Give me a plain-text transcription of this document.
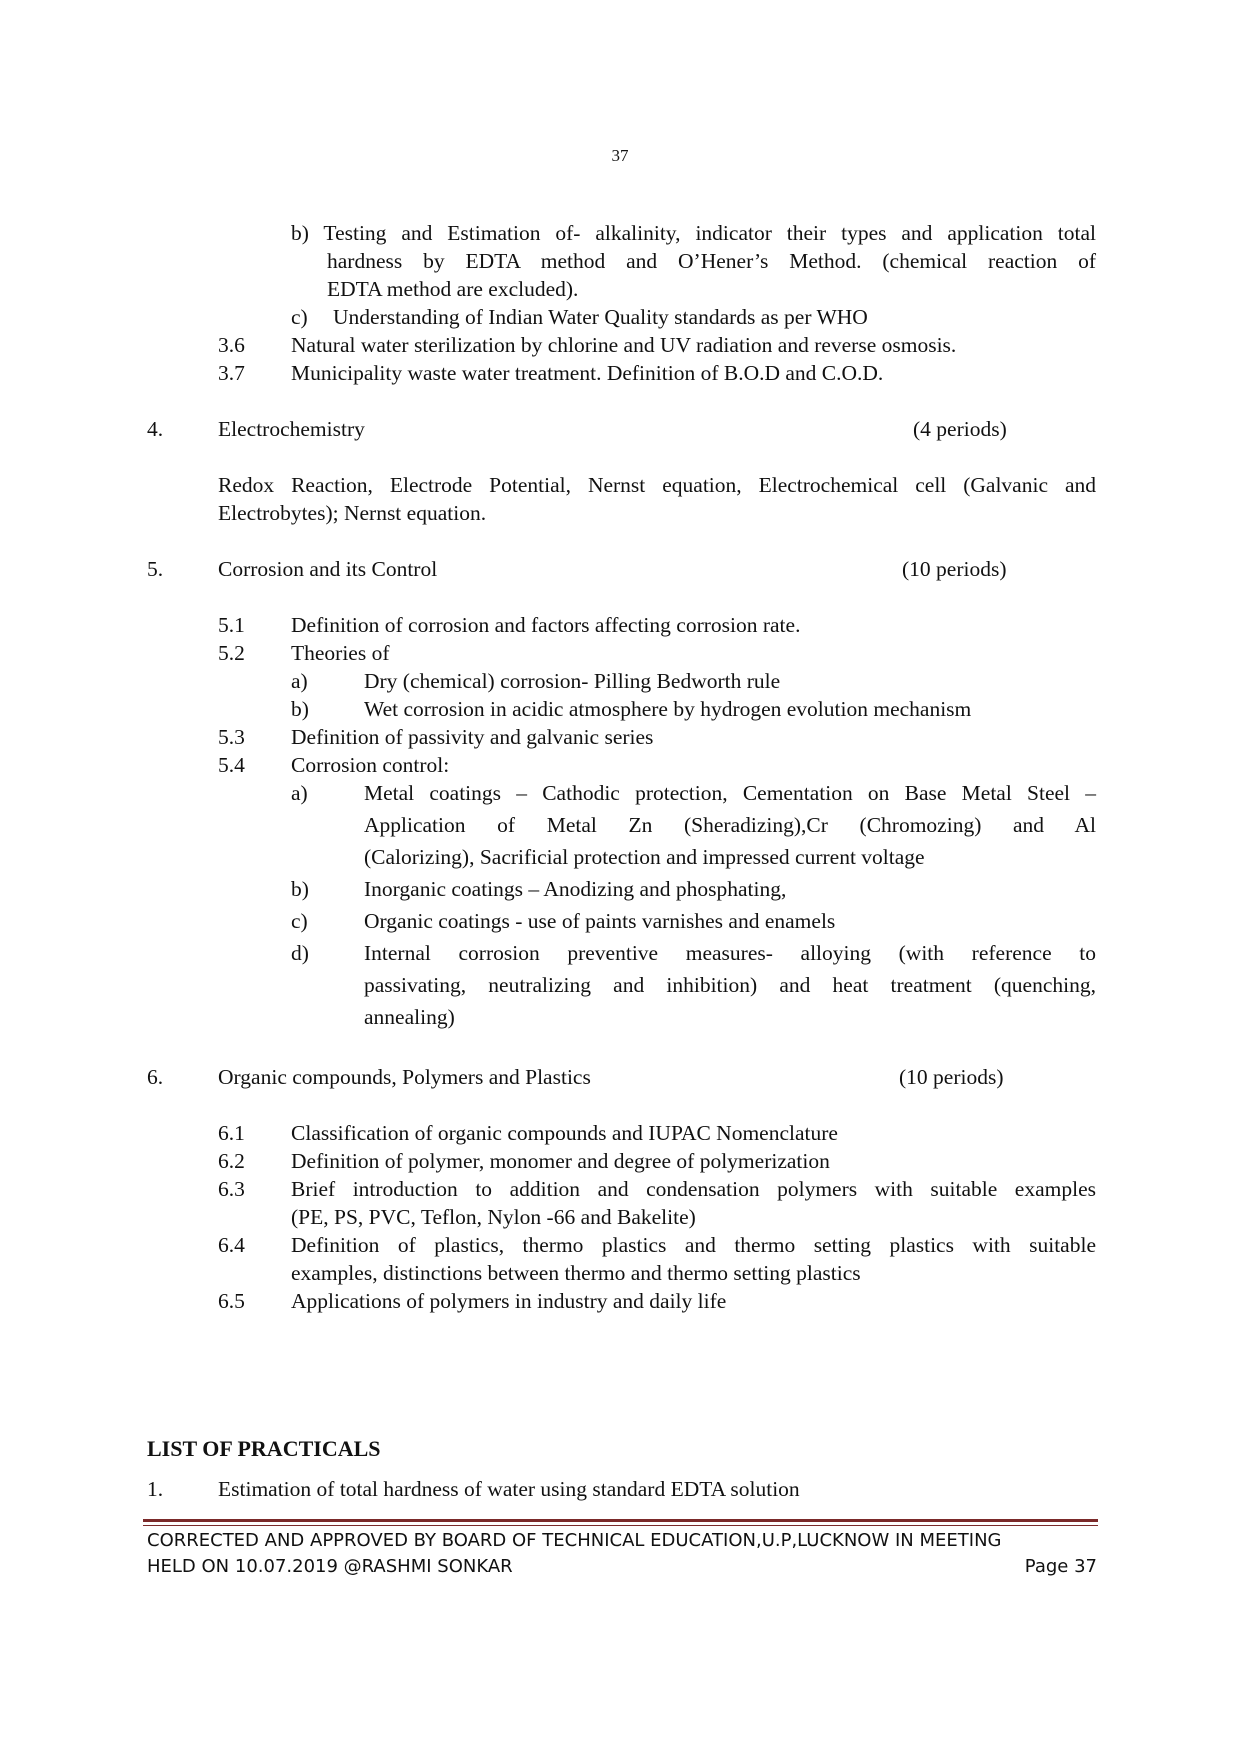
37
b) Testing and Estimation of- alkalinity, indicator their types and application total
hardness by EDTA method and O’Hener’s Method. (chemical reaction of
EDTA method are excluded).
c) Understanding of Indian Water Quality standards as per WHO
3.6 Natural water sterilization by chlorine and UV radiation and reverse osmosis.
3.7 Municipality waste water treatment. Definition of B.O.D and C.O.D.
4.	Electrochemistry	(4 periods)
Redox Reaction, Electrode Potential, Nernst equation, Electrochemical cell (Galvanic and
Electrobytes); Nernst equation.
5.	Corrosion and its Control	(10 periods)
5.1 Definition of corrosion and factors affecting corrosion rate.
5.2 Theories of
a)	Dry (chemical) corrosion- Pilling Bedworth rule
b)	Wet corrosion in acidic atmosphere by hydrogen evolution mechanism
5.3 Definition of passivity and galvanic series
5.4 Corrosion control:
a)	Metal coatings – Cathodic protection, Cementation on Base Metal Steel –
Application of Metal Zn (Sheradizing),Cr (Chromozing) and Al
(Calorizing), Sacrificial protection and impressed current voltage
b)	Inorganic coatings – Anodizing and phosphating,
c)	Organic coatings - use of paints varnishes and enamels
d)	Internal corrosion preventive measures- alloying (with reference to
passivating, neutralizing and inhibition) and heat treatment (quenching,
annealing)
6.	Organic compounds, Polymers and Plastics	(10 periods)
6.1 Classification of organic compounds and IUPAC Nomenclature
6.2 Definition of polymer, monomer and degree of polymerization
6.3 Brief introduction to addition and condensation polymers with suitable examples
(PE, PS, PVC, Teflon, Nylon -66 and Bakelite)
6.4 Definition of plastics, thermo plastics and thermo setting plastics with suitable
examples, distinctions between thermo and thermo setting plastics
6.5 Applications of polymers in industry and daily life
LIST OF PRACTICALS
1.	Estimation of total hardness of water using standard EDTA solution
CORRECTED AND APPROVED BY BOARD OF TECHNICAL EDUCATION,U.P,LUCKNOW IN MEETING
HELD ON 10.07.2019 @RASHMI SONKAR	Page 37
